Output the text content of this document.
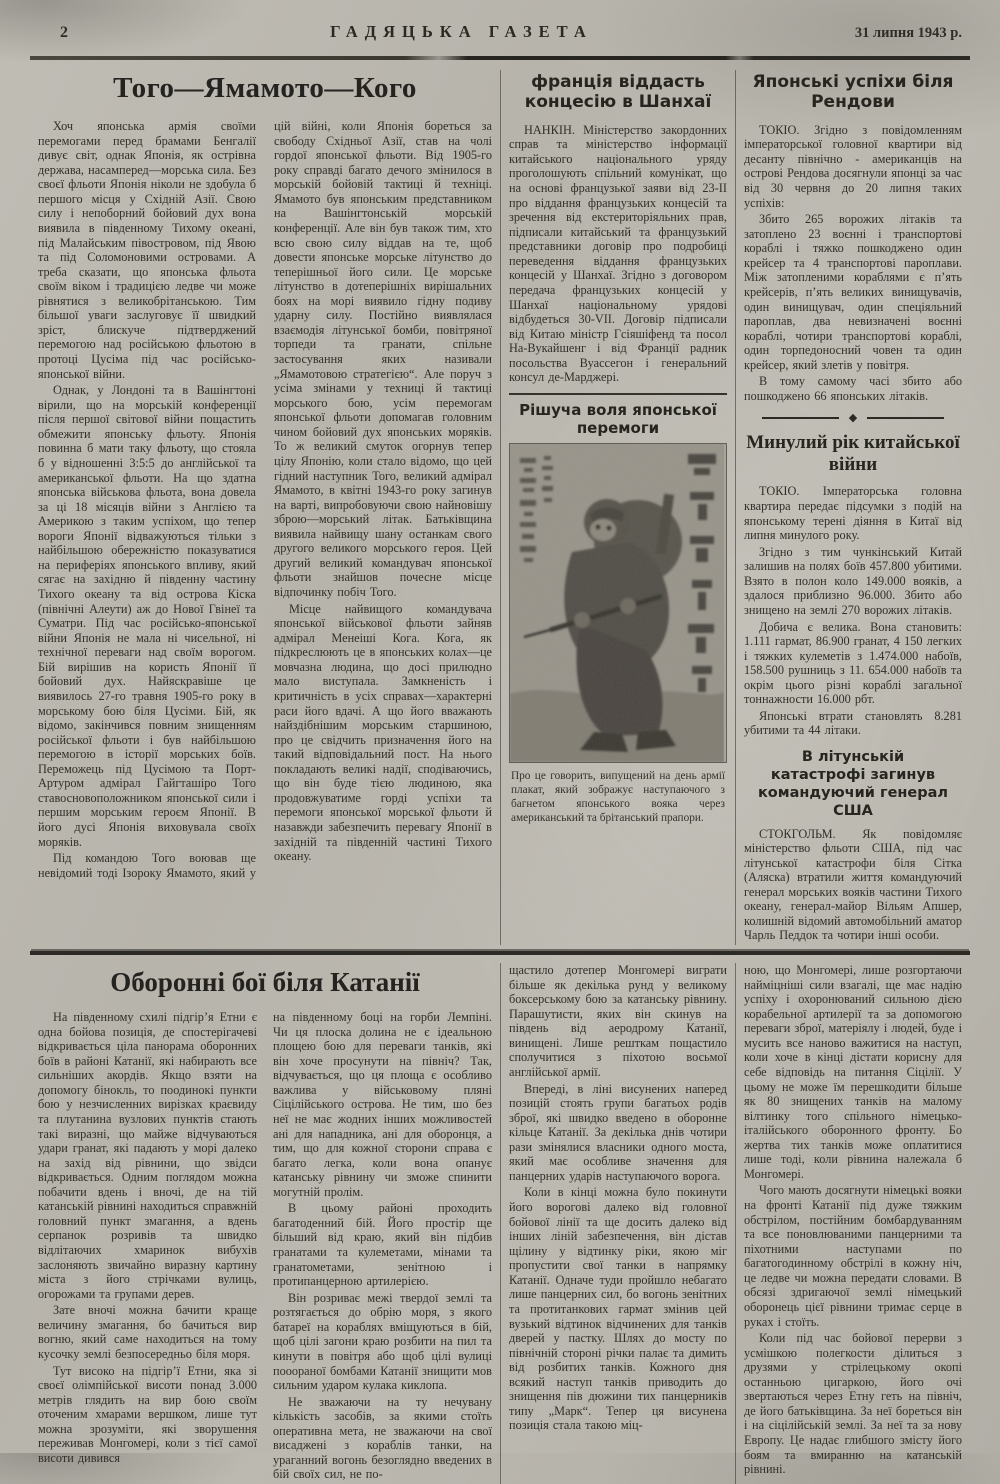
2	ГАДЯЦЬКА ГАЗЕТА	31 липня 1943 р.
Того—Ямамото—Кого

Хоч японська армія своїми перемогами перед брамами Бенгалії дивує світ, однак Японія, як острівна держава, насамперед—морська сила. Без своєї фльоти Японія ніколи не здобула б першого місця у Східній Азії. Свою силу і непоборний бойовий дух вона виявила в південному Тихому океані, під Малайським півостровом, під Явою та під Соломоновими островами. А треба сказати, що японська фльота своїм віком і традицією ледве чи може рівнятися з великобрітанською. Тим більшої уваги заслуговує її швидкий зріст, блискуче підтверджений перемогою над російською фльотою в протоці Цусіма під час російсько-японської війни.

Однак, у Лондоні та в Вашінгтоні вірили, що на морській конференції після першої світової війни пощастить обмежити японську фльоту. Японія повинна б мати таку фльоту, що стояла б у відношенні 3:5:5 до англійської та американської фльоти. На що здатна японська військова фльота, вона довела за ці 18 місяців війни з Англією та Америкою з таким успіхом, що тепер вороги Японії відважуються тільки з найбільшою обережністю показуватися на периферіях японського впливу, який сягає на західню й південну частину Тихого океану та від острова Кіска (північні Алеути) аж до Нової Гвінеї та Суматри. Під час російсько-японської війни Японія не мала ні чисельної, ні технічної переваги над своїм ворогом. Бій вирішив на користь Японії її бойовий дух. Найяскравіше це виявилось 27-го травня 1905-го року в морському бою біля Цусіми. Бій, як відомо, закінчився повним знищенням російської фльоти і був найбільшою перемогою в історії морських боїв. Переможець під Цусімою та Порт-Артуром адмірал Гайгташіро Того ставосновоположником японської сили і першим морським героєм Японії. В його дусі Японія виховувала своїх моряків.

Під командою Того воював ще невідомий тоді Ізороку Ямамото, який у цій війні, коли Японія бореться за свободу Східньої Азії, став на чолі гордої японської фльоти. Від 1905-го року справді багато дечого змінилося в морській бойовій тактиці й техніці. Ямамото був японським представником на Вашінгтонській морській конференції. Але він був також тим, хто всю свою силу віддав на те, щоб довести японське морське літунство до теперішньої його сили. Це морське літунство в дотеперішніх вирішальних боях на морі виявило гідну подиву ударну силу. Постійно виявлялася взаємодія літунської бомби, повітряної торпеди та гранати, спільне застосування яких називали „Ямамотовою стратегією“. Але поруч з усіма змінами у техниці й тактиці морського бою, усім перемогам японської фльоти допомагав головним чином бойовий дух японських моряків. То ж великий смуток огорнув тепер цілу Японію, коли стало відомо, що цей гідний наступник Того, великий адмірал Ямамото, в квітні 1943-го року загинув на варті, випробовуючи свою найновішу зброю—морський літак. Батьківщина виявила найвищу шану останкам свого другого великого морського героя. Цей другий великий командувач японської фльоти знайшов почесне місце відпочинку побіч Того.

Місце найвищого командувача японської військової фльоти зайняв адмірал Менеіші Кога. Кога, як підкреслюють це в японських колах—це мовчазна людина, що досі прилюдно мало виступала. Замкненість і критичність в усіх справах—характерні раси його вдачі. А що його вважають найздібнішим морським старшиною, про це свідчить призначення його на такий відповідальний пост. На нього покладають великі надії, сподіваючись, що він буде тією людиною, яка продовжуватиме горді успіхи та перемоги японської морської фльоти й назавжди забезпечить перевагу Японії в західній та південній частині Тихого океану.

франція віддасть концесію в Шанхаї

НАНКІН. Міністерство закордонних справ та міністерство інформації китайського національного уряду проголошують спільний комунікат, що на основі французької заяви від 23-ІІ про віддання французьких концесій та зречення від екстериторіяльних прав, підписали китайський та французький представники договір про подробиці переведення віддання французьких концесій у Шанхаї. Згідно з договором передача французьких концесій у Шанхаї національному урядові відбудеться 30-VII. Договір підписали від Китаю міністр Гсіяшіфенд та посол На-Вукайшенг і від Франції радник посольства Вуассегон і генеральний консул де-Марджері.

Рішуча воля японської перемоги

Про це говорить, випущений на день армії плакат, який зображує наступаючого з багнетом японського вояка через американський та брітанський прапори.

Японські успіхи біля Рендови

ТОКІО. Згідно з повідомленням імператорської головної квартири від десанту північно - американців на острові Рендова досягнули японці за час від 30 червня до 20 липня таких успіхів:

Збито 265 ворожих літаків та затоплено 23 воєнні і транспортові кораблі і тяжко пошкоджено один крейсер та 4 транспортові пароплави. Між затопленими кораблями є п’ять крейсерів, п’ять великих винищувачів, один винищувач, один спеціяльний пароплав, два невизначені воєнні кораблі, чотири транспортові кораблі, один торпедоносний човен та один крейсер, який злетів у повітря.

В тому самому часі збито або пошкоджено 66 японських літаків.

◆
Минулий рік китайської війни

ТОКІО. Імператорська головна квартира передає підсумки з подій на японському терені діяння в Китаї від липня минулого року.

Згідно з тим чункінський Китай залишив на полях боїв 457.800 убитими. Взято в полон коло 149.000 вояків, а здалося приблизно 96.000. Збито або знищено на землі 270 ворожих літаків.

Добича є велика. Вона становить: 1.111 гармат, 86.900 гранат, 4 150 легких і тяжких кулеметів з 1.474.000 набоїв, 158.500 рушниць з 11. 654.000 набоїв та окрім цього різні кораблі загальної тоннажности 16.000 рбт.

Японські втрати становлять 8.281 убитими та 44 літаки.

В літунській катастрофі загинув командуючий генерал США

СТОКГОЛЬМ. Як повідомляє міністерство фльоти США, під час літунської катастрофи біля Сітка (Аляска) втратили життя командуючий генерал морських вояків частини Тихого океану, генерал-майор Вільям Апшер, колишній відомий автомобільний аматор Чарль Педдок та чотири інші особи.

Оборонні бої біля Катанії

На південному схилі підгір’я Етни є одна бойова позиція, де спостерігачеві відкривається ціла панорама оборонних боїв в районі Катанії, які набирають все сильніших акордів. Якщо взяти на допомогу бінокль, то поодинокі пункти бою у незчисленних вирізках краєвиду та плутанина вузлових пунктів стають такі виразні, що майже відчуваються удари гранат, які падають у морі далеко на захід від рівнини, що звідси відкривається. Одним поглядом можна побачити вдень і вночі, де на тій катанській рівнині находиться справжній головний пункт змагання, а вдень серпанок розривів та швидко відлітаючих хмаринок вибухів заслоняють звичайно виразну картину міста з його стрічками вулиць, огорожами та групами дерев.

Зате вночі можна бачити краще величину змагання, бо бачиться вир вогню, який саме находиться на тому кусочку землі безпосередньо біля моря.

Тут високо на підгір’ї Етни, яка зі своєї олімпійської висоти понад 3.000 метрів глядить на вир бою своїм оточеним хмарами вершком, лише тут можна зрозуміти, які зворушення переживав Монгомері, коли з тієї самої висоти дивився

на південному боці на горби Лемпіні. Чи ця плоска долина не є ідеальною площею бою для переваги танків, які він хоче просунути на північ? Так, відчувається, що ця площа є особливо важлива у військовому пляні Сіцілійського острова. Не тим, шо без неї не має жодних інших можливостей ані для нападника, ані для оборонця, а тим, що для кожної сторони справа є багато легка, коли вона опанує катанську рівнину чи зможе спинити могутній пролім.

В цьому районі проходить багатоденний бій. Його простір ще більший від краю, який він підбив гранатами та кулеметами, мінами та гранатометами, зенітною і протипанцерною артилерією.

Він розриває межі твердої землі та розтягається до обрію моря, з якого батареї на кораблях вміщуються в бій, щоб цілі загони краю розбити на пил та кинути в повітря або щоб цілі вулиці пооораної бомбами Катанії знищити мов сильним ударом кулака киклопа.

Не зважаючи на ту нечувану кількість засобів, за якими стоїть оперативна мета, не зважаючи на свої висаджені з кораблів танки, на ураганний вогонь безоглядно введених в бій своїх сил, не по-

щастило дотепер Монгомері виграти більше як декілька рунд у великому боксерському бою за катанську рівнину. Парашутисти, яких він скинув на південь від аеродрому Катанії, винищені. Лише решткам пощастило сполучитися з піхотою восьмої англійської армії.

Впереді, в ліні висунених наперед позицій стоять групи багатьох родів зброї, які швидко введено в оборонне кільце Катанії. За декілька днів чотири рази змінялися власники одного моста, який має особливе значення для панцерних ударів наступаючого ворога.

Коли в кінці можна було покинути його ворогові далеко від головної бойової лінії та ще досить далеко від інших ліній забезпечення, він дістав щілину у відтинку ріки, якою міг пропустити свої танки в напрямку Катанії. Одначе туди пройшло небагато лише панцерних сил, бо вогонь зенітних та протитанкових гармат змінив цей вузький відтинок відчинених для танків дверей у пастку. Шлях до мосту по північній стороні річки палає та димить від розбитих танків. Кожного дня всякий наступ танків приводить до знищення пів дюжини тих панцерників типу „Марк“. Тепер ця висунена позиція стала такою міц-

ною, що Монгомері, лише розгортаючи найміцніші сили взагалі, ще має надію успіху і охоронюваний сильною дією корабельної артилерії та за допомогою переваги зброї, матеріялу і людей, буде і мусить все наново важитися на наступ, коли хоче в кінці дістати корисну для себе відповідь на питання Сіцілії. У цьому не може їм перешкодити більше як 80 знищених танків на малому вілтинку того спільного німецько-італійського оборонного фронту. Бо жертва тих танків може оплатитися лише тоді, коли рівнина належала б Монгомері.

Чого мають досягнути німецькі вояки на фронті Катанії під дуже тяжким обстрілом, постійним бомбардуванням та все поновлюваними панцерними та піхотними наступами по багатогодинному обстрілі в кожну ніч, це ледве чи можна передати словами. В обсязі здригаючої землі німецький оборонець цієї рівнини тримає серце в руках і стоїть.

Коли під час бойової перерви з усмішкою полегкости ділиться з друзями у стрілецькому окопі останньою цигаркою, його очі звертаються через Етну геть на північ, де його батьківщина. За неї бореться він і на сіцілійській землі. За неї та за нову Европу. Це надає глибшого змісту його боям та вмиранню на катанській рівнині.
